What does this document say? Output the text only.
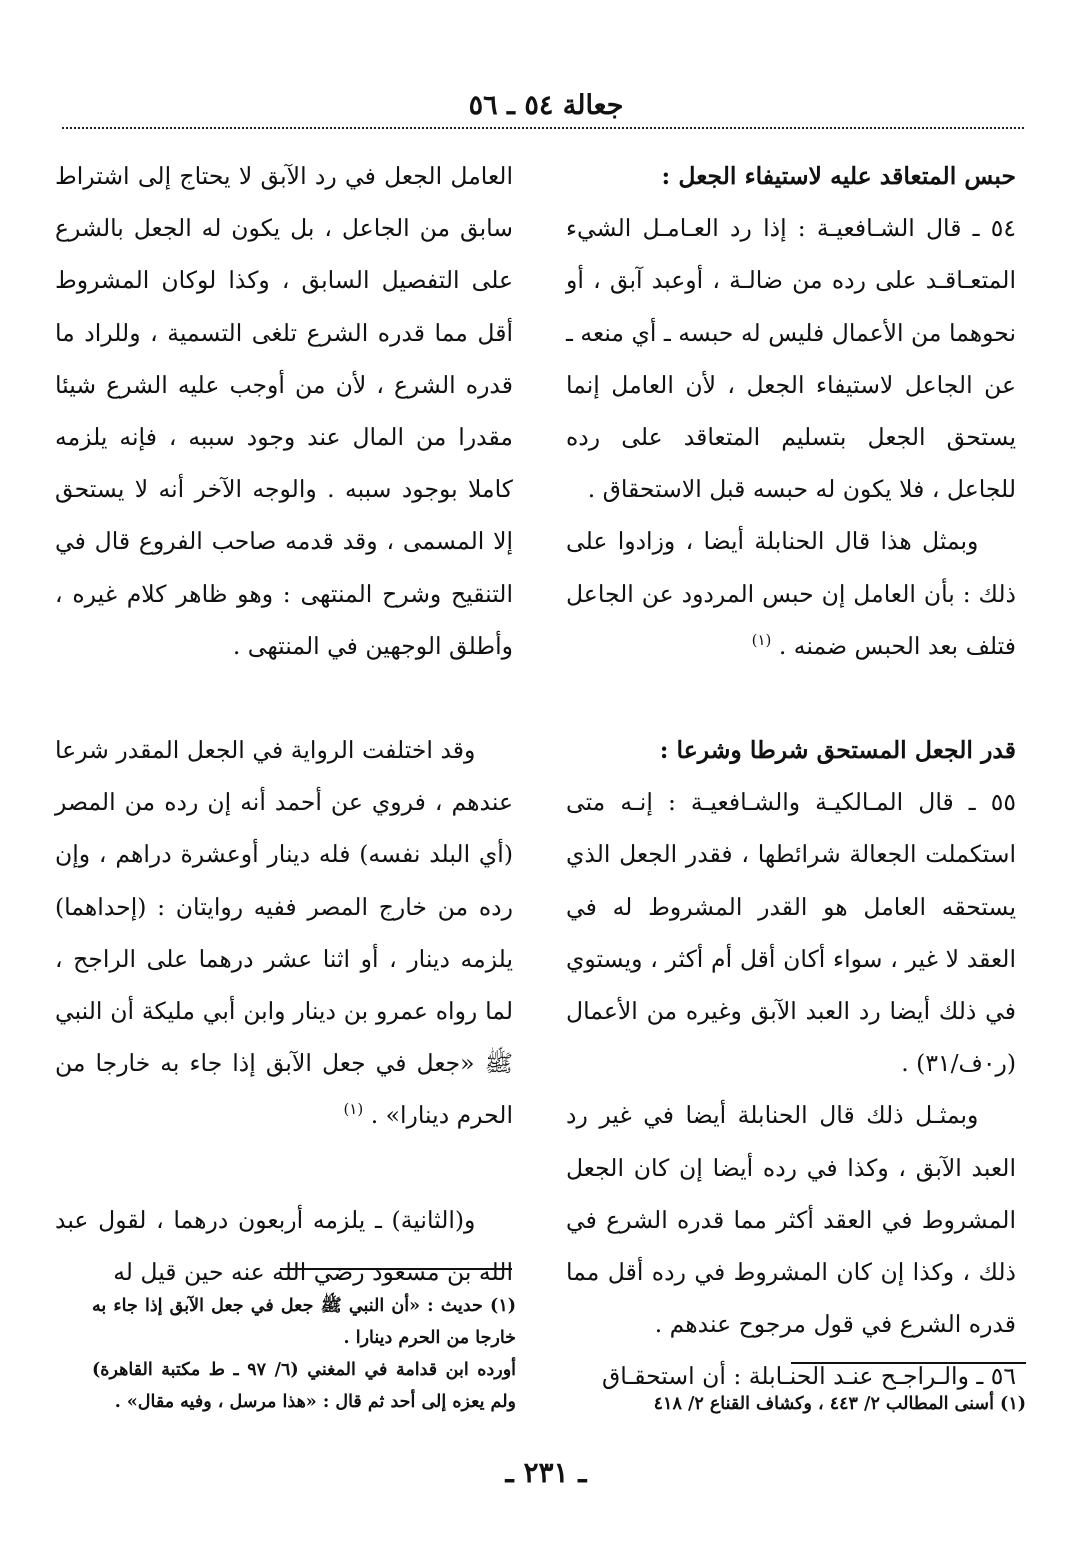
جعالة ٥٤ ـ ٥٦

حبس المتعاقد عليه لاستيفاء الجعل :

٥٤ ـ قال الشـافعيـة : إذا رد العـامـل الشيء المتعـاقـد على رده من ضالـة ، أوعبد آبق ، أو نحوهما من الأعمال فليس له حبسه ـ أي منعه ـ عن الجاعل لاستيفاء الجعل ، لأن العامل إنما يستحق الجعل بتسليم المتعاقد على رده للجاعل ، فلا يكون له حبسه قبل الاستحقاق .

وبمثل هذا قال الحنابلة أيضا ، وزادوا على ذلك : بأن العامل إن حبس المردود عن الجاعل فتلف بعد الحبس ضمنه . $^{(١)}$

قدر الجعل المستحق شرطا وشرعا :

٥٥ ـ قال المـالكيـة والشـافعيـة : إنـه متى استكملت الجعالة شرائطها ، فقدر الجعل الذي يستحقه العامل هو القدر المشروط له في العقد لا غير ، سواء أكان أقل أم أكثر ، ويستوي في ذلك أيضا رد العبد الآبق وغيره من الأعمال (ر٠ف/٣١) .

وبمثـل ذلك قال الحنابلة أيضا في غير رد العبد الآبق ، وكذا في رده أيضا إن كان الجعل المشروط في العقد أكثر مما قدره الشرع في ذلك ، وكذا إن كان المشروط في رده أقل مما قدره الشرع في قول مرجوح عندهم .

٥٦ ـ والـراجـح عنـد الحنـابلة : أن استحقـاق

العامل الجعل في رد الآبق لا يحتاج إلى اشتراط سابق من الجاعل ، بل يكون له الجعل بالشرع على التفصيل السابق ، وكذا لوكان المشروط أقل مما قدره الشرع تلغى التسمية ، وللراد ما قدره الشرع ، لأن من أوجب عليه الشرع شيئا مقدرا من المال عند وجود سببه ، فإنه يلزمه كاملا بوجود سببه . والوجه الآخر أنه لا يستحق إلا المسمى ، وقد قدمه صاحب الفروع قال في التنقيح وشرح المنتهى : وهو ظاهر كلام غيره ، وأطلق الوجهين في المنتهى .

وقد اختلفت الرواية في الجعل المقدر شرعا عندهم ، فروي عن أحمد أنه إن رده من المصر (أي البلد نفسه) فله دينار أوعشرة دراهم ، وإن رده من خارج المصر ففيه روايتان : (إحداهما) يلزمه دينار ، أو اثنا عشر درهما على الراجح ، لما رواه عمرو بن دينار وابن أبي مليكة أن النبي ﷺ «جعل في جعل الآبق إذا جاء به خارجا من الحرم دينارا» . $^{(١)}$

و(الثانية) ـ يلزمه أربعون درهما ، لقول عبد الله بن مسعود رضي الله عنه حين قيل له

(١) أسنى المطالب ٢/ ٤٤٣ ، وكشاف القناع ٢/ ٤١٨

(١) حديث : «أن النبي ﷺ جعل في جعل الآبق إذا جاء به خارجا من الحرم دينارا .

أورده ابن قدامة في المغني (٦/ ٩٧ ـ ط مكتبة القاهرة) ولم يعزه إلى أحد ثم قال : «هذا مرسل ، وفيه مقال» .

ـ ٢٣١ ـ
